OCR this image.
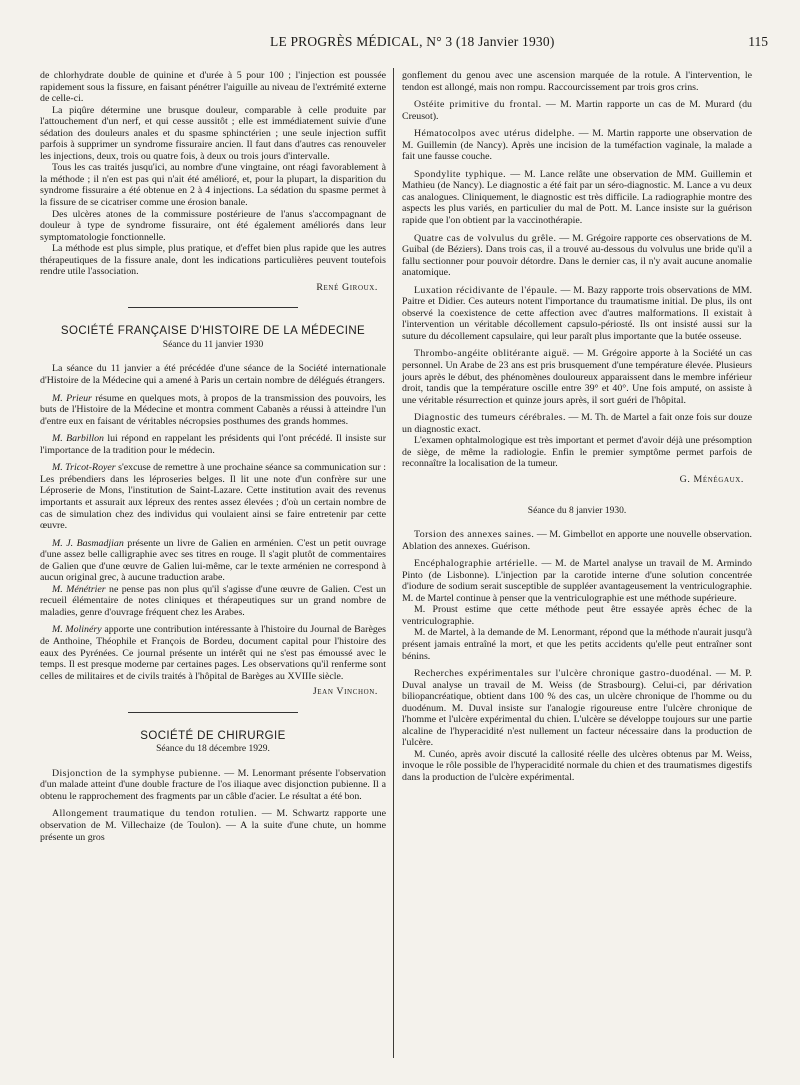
LE PROGRÈS MÉDICAL, N° 3 (18 Janvier 1930)	115

de chlorhydrate double de quinine et d'urée à 5 pour 100 ; l'injection est poussée rapidement sous la fissure, en faisant pénétrer l'aiguille au niveau de l'extrémité externe de celle-ci.

La piqûre détermine une brusque douleur, comparable à celle produite par l'attouchement d'un nerf, et qui cesse aussitôt ; elle est immédiatement suivie d'une sédation des douleurs anales et du spasme sphinctérien ; une seule injection suffit parfois à supprimer un syndrome fissuraire ancien. Il faut dans d'autres cas renouveler les injections, deux, trois ou quatre fois, à deux ou trois jours d'intervalle.

Tous les cas traités jusqu'ici, au nombre d'une vingtaine, ont réagi favorablement à la méthode ; il n'en est pas qui n'ait été amélioré, et, pour la plupart, la disparition du syndrome fissuraire a été obtenue en 2 à 4 injections. La sédation du spasme permet à la fissure de se cicatriser comme une érosion banale.

Des ulcères atones de la commissure postérieure de l'anus s'accompagnant de douleur à type de syndrome fissuraire, ont été également améliorés dans leur symptomatologie fonctionnelle.

La méthode est plus simple, plus pratique, et d'effet bien plus rapide que les autres thérapeutiques de la fissure anale, dont les indications particulières peuvent toutefois rendre utile l'association.

René Giroux.
SOCIÉTÉ FRANÇAISE D'HISTOIRE DE LA MÉDECINE
Séance du 11 janvier 1930

La séance du 11 janvier a été précédée d'une séance de la Société internationale d'Histoire de la Médecine qui a amené à Paris un certain nombre de délégués étrangers.

M. Prieur résume en quelques mots, à propos de la transmission des pouvoirs, les buts de l'Histoire de la Médecine et montra comment Cabanès a réussi à atteindre l'un d'entre eux en faisant de véritables nécropsies posthumes des grands hommes.

M. Barbillon lui répond en rappelant les présidents qui l'ont précédé. Il insiste sur l'importance de la tradition pour le médecin.

M. Tricot-Royer s'excuse de remettre à une prochaine séance sa communication sur : Les prébendiers dans les léproseries belges. Il lit une note d'un confrère sur une Léproserie de Mons, l'institution de Saint-Lazare. Cette institution avait des revenus importants et assurait aux lépreux des rentes assez élevées ; d'où un certain nombre de cas de simulation chez des individus qui voulaient ainsi se faire entretenir par cette œuvre.

M. J. Basmadjian présente un livre de Galien en arménien. C'est un petit ouvrage d'une assez belle calligraphie avec ses titres en rouge. Il s'agit plutôt de commentaires de Galien que d'une œuvre de Galien lui-même, car le texte arménien ne correspond à aucun original grec, à aucune traduction arabe.

M. Ménétrier ne pense pas non plus qu'il s'agisse d'une œuvre de Galien. C'est un recueil élémentaire de notes cliniques et thérapeutiques sur un grand nombre de maladies, genre d'ouvrage fréquent chez les Arabes.

M. Molinéry apporte une contribution intéressante à l'histoire du Journal de Barèges de Anthoine, Théophile et François de Bordeu, document capital pour l'histoire des eaux des Pyrénées. Ce journal présente un intérêt qui ne s'est pas émoussé avec le temps. Il est presque moderne par certaines pages. Les observations qu'il renferme sont celles de militaires et de civils traités à l'hôpital de Barèges au XVIIIe siècle.

Jean Vinchon.
SOCIÉTÉ DE CHIRURGIE
Séance du 18 décembre 1929.

Disjonction de la symphyse pubienne. — M. Lenormant présente l'observation d'un malade atteint d'une double fracture de l'os iliaque avec disjonction pubienne. Il a obtenu le rapprochement des fragments par un câble d'acier. Le résultat a été bon.

Allongement traumatique du tendon rotulien. — M. Schwartz rapporte une observation de M. Villechaize (de Toulon). — A la suite d'une chute, un homme présente un gros

gonflement du genou avec une ascension marquée de la rotule. A l'intervention, le tendon est allongé, mais non rompu. Raccourcissement par trois gros crins.

Ostéite primitive du frontal. — M. Martin rapporte un cas de M. Murard (du Creusot).

Hématocolpos avec utérus didelphe. — M. Martin rapporte une observation de M. Guillemin (de Nancy). Après une incision de la tuméfaction vaginale, la malade a fait une fausse couche.

Spondylite typhique. — M. Lance relâte une observation de MM. Guillemin et Mathieu (de Nancy). Le diagnostic a été fait par un séro-diagnostic. M. Lance a vu deux cas analogues. Cliniquement, le diagnostic est très difficile. La radiographie montre des aspects les plus variés, en particulier du mal de Pott. M. Lance insiste sur la guérison rapide que l'on obtient par la vaccinothérapie.

Quatre cas de volvulus du grêle. — M. Grégoire rapporte ces observations de M. Guibal (de Béziers). Dans trois cas, il a trouvé au-dessous du volvulus une bride qu'il a fallu sectionner pour pouvoir détordre. Dans le dernier cas, il n'y avait aucune anomalie anatomique.

Luxation récidivante de l'épaule. — M. Bazy rapporte trois observations de MM. Paitre et Didier. Ces auteurs notent l'importance du traumatisme initial. De plus, ils ont observé la coexistence de cette affection avec d'autres malformations. Il existait à l'intervention un véritable décollement capsulo-périosté. Ils ont insisté aussi sur la suture du décollement capsulaire, qui leur paraît plus importante que la butée osseuse.

Thrombo-angéite oblitérante aiguë. — M. Grégoire apporte à la Société un cas personnel. Un Arabe de 23 ans est pris brusquement d'une température élevée. Plusieurs jours après le début, des phénomènes douloureux apparaissent dans le membre inférieur droit, tandis que la température oscille entre 39° et 40°. Une fois amputé, on assiste à une véritable résurrection et quinze jours après, il sort guéri de l'hôpital.

Diagnostic des tumeurs cérébrales. — M. Th. de Martel a fait onze fois sur douze un diagnostic exact.

L'examen ophtalmologique est très important et permet d'avoir déjà une présomption de siège, de même la radiologie. Enfin le premier symptôme permet parfois de reconnaître la localisation de la tumeur.

G. Ménégaux.
Séance du 8 janvier 1930.

Torsion des annexes saines. — M. Gimbellot en apporte une nouvelle observation. Ablation des annexes. Guérison.

Encéphalographie artérielle. — M. de Martel analyse un travail de M. Armindo Pinto (de Lisbonne). L'injection par la carotide interne d'une solution concentrée d'iodure de sodium serait susceptible de suppléer avantageusement la ventriculographie. M. de Martel continue à penser que la ventriculographie est une méthode supérieure.

M. Proust estime que cette méthode peut être essayée après échec de la ventriculographie.

M. de Martel, à la demande de M. Lenormant, répond que la méthode n'aurait jusqu'à présent jamais entraîné la mort, et que les petits accidents qu'elle peut entraîner sont bénins.

Recherches expérimentales sur l'ulcère chronique gastro-duodénal. — M. P. Duval analyse un travail de M. Weiss (de Strasbourg). Celui-ci, par dérivation biliopancréatique, obtient dans 100 % des cas, un ulcère chronique de l'homme ou du duodénum. M. Duval insiste sur l'analogie rigoureuse entre l'ulcère chronique de l'homme et l'ulcère expérimental du chien. L'ulcère se développe toujours sur une partie alcaline de l'hyperacidité n'est nullement un facteur nécessaire dans la production de l'ulcère.

M. Cunéo, après avoir discuté la callosité réelle des ulcères obtenus par M. Weiss, invoque le rôle possible de l'hyperacidité normale du chien et des traumatismes digestifs dans la production de l'ulcère expérimental.
